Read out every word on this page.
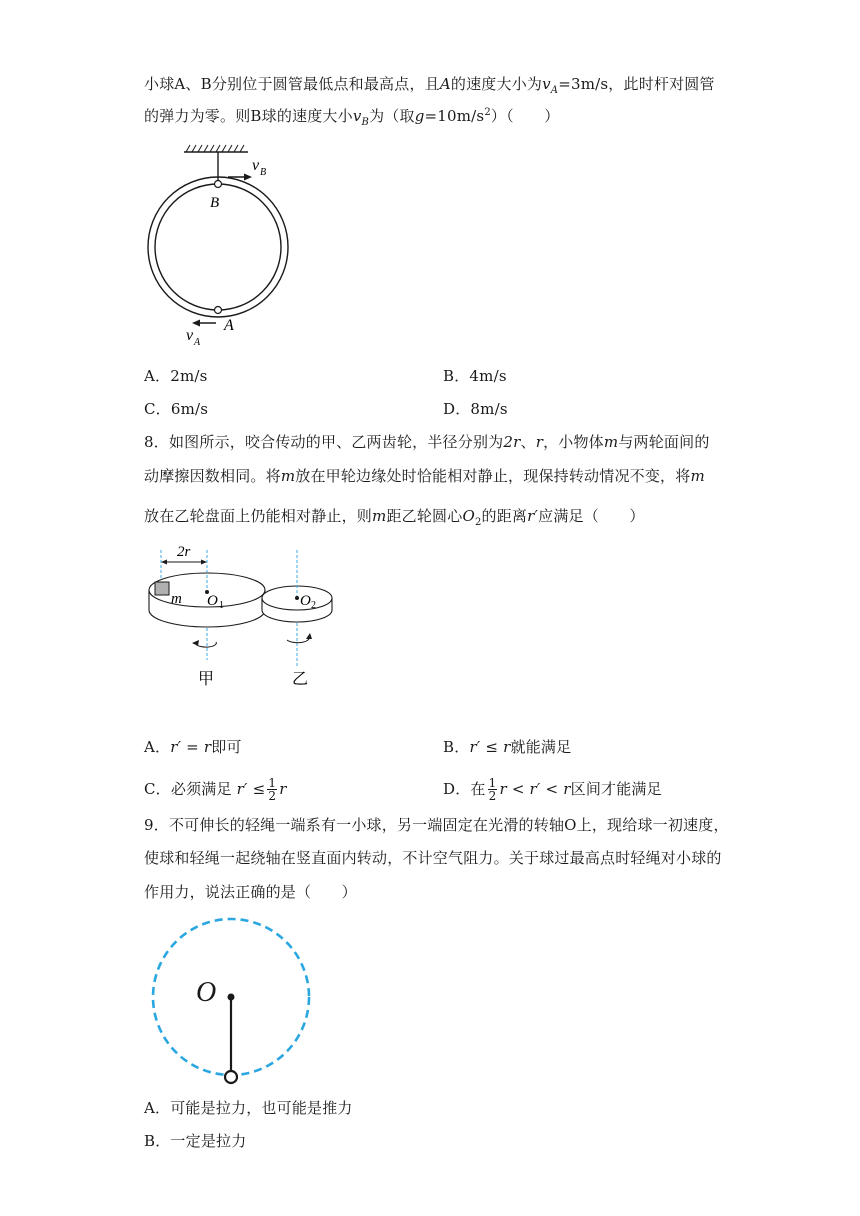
小球A、B分别位于圆管最低点和最高点，且A的速度大小为$v_A=3m/s$，此时杆对圆管
的弹力为零。则B球的速度大小$v_B$为（取$g=10m/s^2$）（　　）
v B
B
A
v A
A．2m/s	B．4m/s
C．6m/s	D．8m/s
8．如图所示，咬合传动的甲、乙两齿轮，半径分别为2r、r，小物体m与两轮面间的
动摩擦因数相同。将m放在甲轮边缘处时恰能相对静止，现保持转动情况不变，将m
放在乙轮盘面上仍能相对静止，则m距乙轮圆心$O_2$的距离r′应满足（　　）
2r
m O 1	O 2
甲	乙
A．r′ = r即可	B．r′ ≤ r就能满足
C．必须满足
$r' \le \frac{1}{2}$ r	D．在 $\frac{1}{2}$ r < r′ < r 区间才能满足
9．不可伸长的轻绳一端系有一小球，另一端固定在光滑的转轴O上，现给球一初速度，
使球和轻绳一起绕轴在竖直面内转动，不计空气阻力。关于球过最高点时轻绳对小球的
作用力，说法正确的是（　　）
O
A．可能是拉力，也可能是推力
B．一定是拉力
